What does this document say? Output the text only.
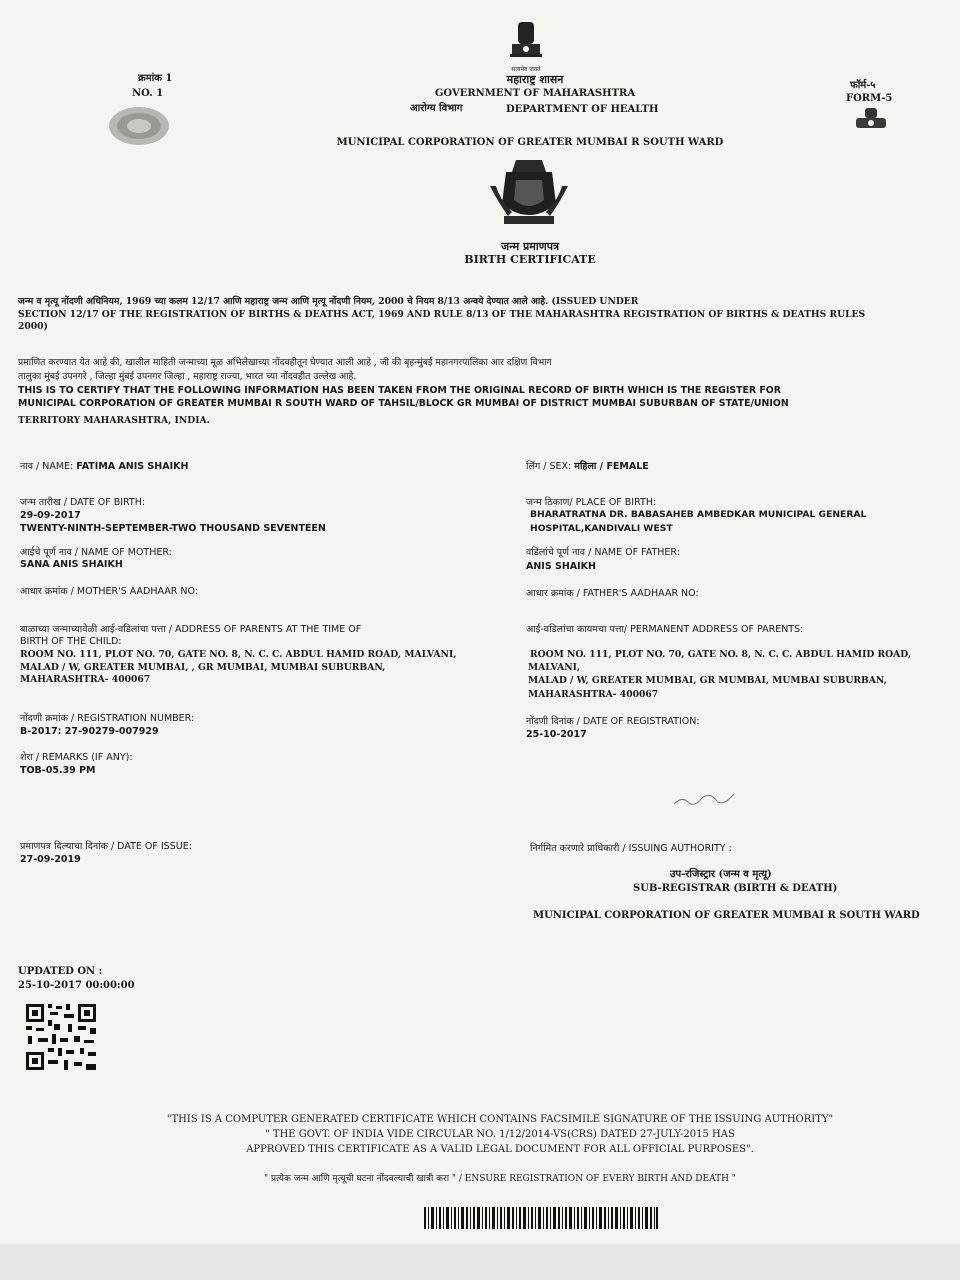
सत्यमेव जयते
क्रमांक 1
NO. 1
महाराष्ट्र शासन
GOVERNMENT OF MAHARASHTRA
आरोग्य विभाग	DEPARTMENT OF HEALTH
फॉर्म-५
FORM-5
MUNICIPAL CORPORATION OF GREATER MUMBAI R SOUTH WARD
जन्म प्रमाणपत्र
BIRTH CERTIFICATE
जन्म व मृत्यू नोंदणी अधिनियम, 1969 च्या कलम 12/17 आणि महाराष्ट्र जन्म आणि मृत्यू नोंदणी नियम, 2000 चे नियम 8/13 अन्वये देण्यात आले आहे. (ISSUED UNDER
SECTION 12/17 OF THE REGISTRATION OF BIRTHS & DEATHS ACT, 1969 AND RULE 8/13 OF THE MAHARASHTRA REGISTRATION OF BIRTHS & DEATHS RULES
2000)
प्रमाणित करण्यात येत आहे की, खालील माहिती जन्माच्या मूळ अभिलेखाच्या नोंदवहीतून घेण्यात आली आहे , जी की बृहन्मुंबई महानगरपालिका आर दक्षिण विभाग
तालुका मुंबई उपनगरे , जिल्हा मुंबई उपनगर जिल्हा , महाराष्ट्र राज्या, भारत च्या नोंदवहीत उल्लेख आहे.
THIS IS TO CERTIFY THAT THE FOLLOWING INFORMATION HAS BEEN TAKEN FROM THE ORIGINAL RECORD OF BIRTH WHICH IS THE REGISTER FOR
MUNICIPAL CORPORATION OF GREATER MUMBAI R SOUTH WARD OF TAHSIL/BLOCK GR MUMBAI OF DISTRICT MUMBAI SUBURBAN OF STATE/UNION
TERRITORY MAHARASHTRA, INDIA.
नाव / NAME: FATIMA ANIS SHAIKH	लिंग / SEX: महिला / FEMALE
जन्म तारीख / DATE OF BIRTH:
29-09-2017
TWENTY-NINTH-SEPTEMBER-TWO THOUSAND SEVENTEEN
जन्म ठिकाण/ PLACE OF BIRTH:
BHARATRATNA DR. BABASAHEB AMBEDKAR MUNICIPAL GENERAL
HOSPITAL,KANDIVALI WEST
आईचे पूर्ण नाव / NAME OF MOTHER:
SANA ANIS SHAIKH
वडिलांचे पूर्ण नाव / NAME OF FATHER:
ANIS SHAIKH
आधार क्रमांक / MOTHER'S AADHAAR NO:	आधार क्रमांक / FATHER'S AADHAAR NO:
बाळाच्या जन्माच्यावेळी आई-वडिलांचा पत्ता / ADDRESS OF PARENTS AT THE TIME OF
BIRTH OF THE CHILD:
ROOM NO. 111, PLOT NO. 70, GATE NO. 8, N. C. C. ABDUL HAMID ROAD, MALVANI,
MALAD / W, GREATER MUMBAI, , GR MUMBAI, MUMBAI SUBURBAN,
MAHARASHTRA- 400067
आई-वडिलांचा कायमचा पत्ता/ PERMANENT ADDRESS OF PARENTS:
ROOM NO. 111, PLOT NO. 70, GATE NO. 8, N. C. C. ABDUL HAMID ROAD,
MALVANI,
MALAD / W, GREATER MUMBAI, GR MUMBAI, MUMBAI SUBURBAN,
MAHARASHTRA- 400067
नोंदणी क्रमांक / REGISTRATION NUMBER:
B-2017: 27-90279-007929
नोंदणी दिनांक / DATE OF REGISTRATION:
25-10-2017
शेरा / REMARKS (IF ANY):
TOB-05.39 PM
प्रमाणपत्र दिल्याचा दिनांक / DATE OF ISSUE:
27-09-2019
निर्गमित करणारे प्राधिकारी / ISSUING AUTHORITY :
उप-रजिस्ट्रार (जन्म व मृत्यू)
SUB-REGISTRAR (BIRTH & DEATH)
MUNICIPAL CORPORATION OF GREATER MUMBAI R SOUTH WARD
UPDATED ON :
25-10-2017 00:00:00
"THIS IS A COMPUTER GENERATED CERTIFICATE WHICH CONTAINS FACSIMILE SIGNATURE OF THE ISSUING AUTHORITY"
" THE GOVT. OF INDIA VIDE CIRCULAR NO. 1/12/2014-VS(CRS) DATED 27-JULY-2015 HAS
APPROVED THIS CERTIFICATE AS A VALID LEGAL DOCUMENT FOR ALL OFFICIAL PURPOSES".
" प्रत्येक जन्म आणि मृत्यूची घटना नोंदवल्याची खात्री करा " / ENSURE REGISTRATION OF EVERY BIRTH AND DEATH "
